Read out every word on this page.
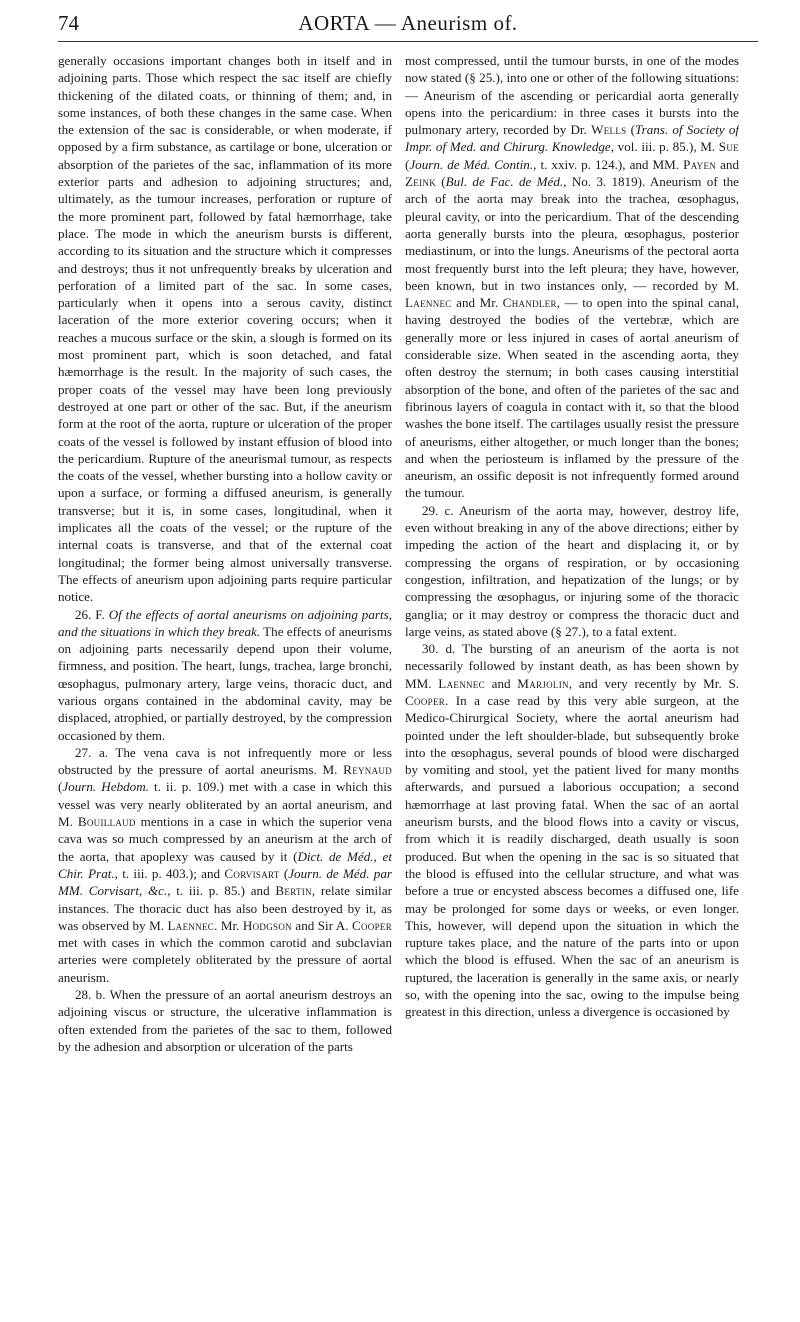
74	AORTA — Aneurism of.

generally occasions important changes both in itself and in adjoining parts. Those which respect the sac itself are chiefly thickening of the dilated coats, or thinning of them; and, in some instances, of both these changes in the same case. When the extension of the sac is considerable, or when moderate, if opposed by a firm substance, as cartilage or bone, ulceration or absorption of the parietes of the sac, inflammation of its more exterior parts and adhesion to adjoining structures; and, ultimately, as the tumour increases, perforation or rupture of the more prominent part, followed by fatal hæmorrhage, take place. The mode in which the aneurism bursts is different, according to its situation and the structure which it compresses and destroys; thus it not unfrequently breaks by ulceration and perforation of a limited part of the sac. In some cases, particularly when it opens into a serous cavity, distinct laceration of the more exterior covering occurs; when it reaches a mucous surface or the skin, a slough is formed on its most prominent part, which is soon detached, and fatal hæmorrhage is the result. In the majority of such cases, the proper coats of the vessel may have been long previously destroyed at one part or other of the sac. But, if the aneurism form at the root of the aorta, rupture or ulceration of the proper coats of the vessel is followed by instant effusion of blood into the pericardium. Rupture of the aneurismal tumour, as respects the coats of the vessel, whether bursting into a hollow cavity or upon a surface, or forming a diffused aneurism, is generally transverse; but it is, in some cases, longitudinal, when it implicates all the coats of the vessel; or the rupture of the internal coats is transverse, and that of the external coat longitudinal; the former being almost universally transverse. The effects of aneurism upon adjoining parts require particular notice.

26. F. Of the effects of aortal aneurisms on adjoining parts, and the situations in which they break. The effects of aneurisms on adjoining parts necessarily depend upon their volume, firmness, and position. The heart, lungs, trachea, large bronchi, œsophagus, pulmonary artery, large veins, thoracic duct, and various organs contained in the abdominal cavity, may be displaced, atrophied, or partially destroyed, by the compression occasioned by them.

27. a. The vena cava is not infrequently more or less obstructed by the pressure of aortal aneurisms. M. Reynaud (Journ. Hebdom. t. ii. p. 109.) met with a case in which this vessel was very nearly obliterated by an aortal aneurism, and M. Bouillaud mentions in a case in which the superior vena cava was so much compressed by an aneurism at the arch of the aorta, that apoplexy was caused by it (Dict. de Méd., et Chir. Prat., t. iii. p. 403.); and Corvisart (Journ. de Méd. par MM. Corvisart, &c., t. iii. p. 85.) and Bertin, relate similar instances. The thoracic duct has also been destroyed by it, as was observed by M. Laennec. Mr. Hodgson and Sir A. Cooper met with cases in which the common carotid and subclavian arteries were completely obliterated by the pressure of aortal aneurism.

28. b. When the pressure of an aortal aneurism destroys an adjoining viscus or structure, the ulcerative inflammation is often extended from the parietes of the sac to them, followed by the adhesion and absorption or ulceration of the parts

most compressed, until the tumour bursts, in one of the modes now stated (§ 25.), into one or other of the following situations: — Aneurism of the ascending or pericardial aorta generally opens into the pericardium: in three cases it bursts into the pulmonary artery, recorded by Dr. Wells (Trans. of Society of Impr. of Med. and Chirurg. Knowledge, vol. iii. p. 85.), M. Sue (Journ. de Méd. Contin., t. xxiv. p. 124.), and MM. Payen and Zeink (Bul. de Fac. de Méd., No. 3. 1819). Aneurism of the arch of the aorta may break into the trachea, œsophagus, pleural cavity, or into the pericardium. That of the descending aorta generally bursts into the pleura, œsophagus, posterior mediastinum, or into the lungs. Aneurisms of the pectoral aorta most frequently burst into the left pleura; they have, however, been known, but in two instances only, — recorded by M. Laennec and Mr. Chandler, — to open into the spinal canal, having destroyed the bodies of the vertebræ, which are generally more or less injured in cases of aortal aneurism of considerable size. When seated in the ascending aorta, they often destroy the sternum; in both cases causing interstitial absorption of the bone, and often of the parietes of the sac and fibrinous layers of coagula in contact with it, so that the blood washes the bone itself. The cartilages usually resist the pressure of aneurisms, either altogether, or much longer than the bones; and when the periosteum is inflamed by the pressure of the aneurism, an ossific deposit is not infrequently formed around the tumour.

29. c. Aneurism of the aorta may, however, destroy life, even without breaking in any of the above directions; either by impeding the action of the heart and displacing it, or by compressing the organs of respiration, or by occasioning congestion, infiltration, and hepatization of the lungs; or by compressing the œsophagus, or injuring some of the thoracic ganglia; or it may destroy or compress the thoracic duct and large veins, as stated above (§ 27.), to a fatal extent.

30. d. The bursting of an aneurism of the aorta is not necessarily followed by instant death, as has been shown by MM. Laennec and Marjolin, and very recently by Mr. S. Cooper. In a case read by this very able surgeon, at the Medico-Chirurgical Society, where the aortal aneurism had pointed under the left shoulder-blade, but subsequently broke into the œsophagus, several pounds of blood were discharged by vomiting and stool, yet the patient lived for many months afterwards, and pursued a laborious occupation; a second hæmorrhage at last proving fatal. When the sac of an aortal aneurism bursts, and the blood flows into a cavity or viscus, from which it is readily discharged, death usually is soon produced. But when the opening in the sac is so situated that the blood is effused into the cellular structure, and what was before a true or encysted abscess becomes a diffused one, life may be prolonged for some days or weeks, or even longer. This, however, will depend upon the situation in which the rupture takes place, and the nature of the parts into or upon which the blood is effused. When the sac of an aneurism is ruptured, the laceration is generally in the same axis, or nearly so, with the opening into the sac, owing to the impulse being greatest in this direction, unless a divergence is occasioned by
